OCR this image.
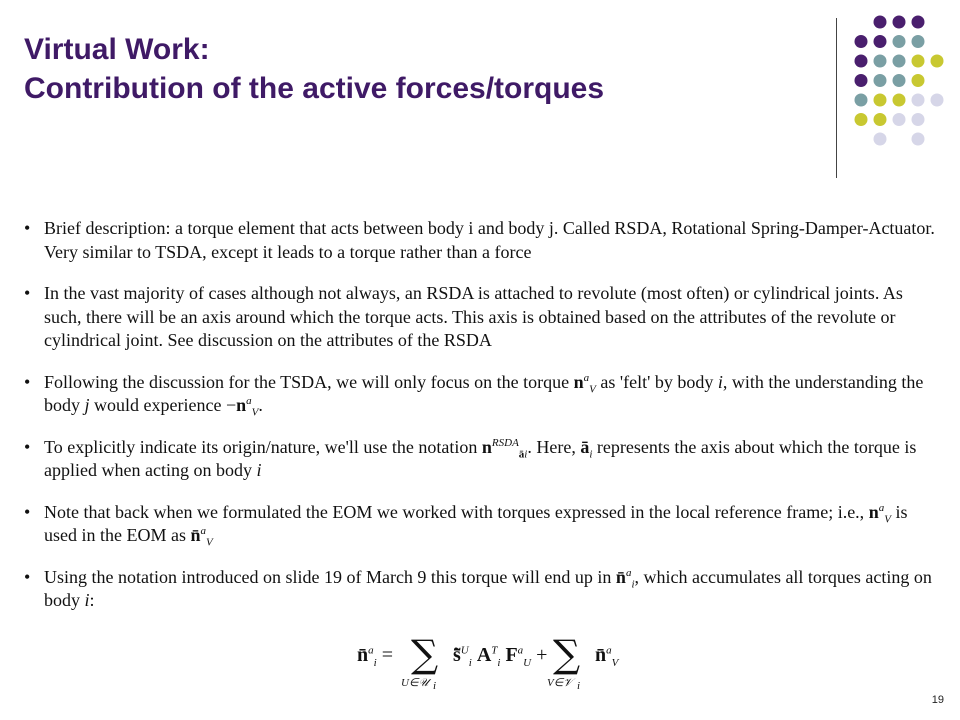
Virtual Work:
Contribution of the active forces/torques

• Brief description: a torque element that acts between body i and body j. Called RSDA, Rotational Spring-Damper-Actuator. Very similar to TSDA, except it leads to a torque rather than a force

• In the vast majority of cases although not always, an RSDA is attached to revolute (most often) or cylindrical joints. As such, there will be an axis around which the torque acts. This axis is obtained based on the attributes of the revolute or cylindrical joint. See discussion on the attributes of the RSDA

• Following the discussion for the TSDA, we will only focus on the torque $n^a_V$ as 'felt' by body i, with the understanding the body j would experience $-n^a_V$.

• To explicitly indicate its origin/nature, we'll use the notation $n^{RSDA}_{āi}$. Here, $ā_i$ represents the axis about which the torque is applied when acting on body i

• Note that back when we formulated the EOM we worked with torques expressed in the local reference frame; i.e., $n^a_V$ is used in the EOM as n̄$^a_V$

• Using the notation introduced on slide 19 of March 9 this torque will end up in n̄$^a_i$, which accumulates all torques acting on body i:

n̄$^a_i$ = ∑
U∈𝒰 i
s̄̃$^U_i$ $A^T_i$ $F^a_U$ + ∑
V∈𝒱 i
n̄$^a_V$
19
